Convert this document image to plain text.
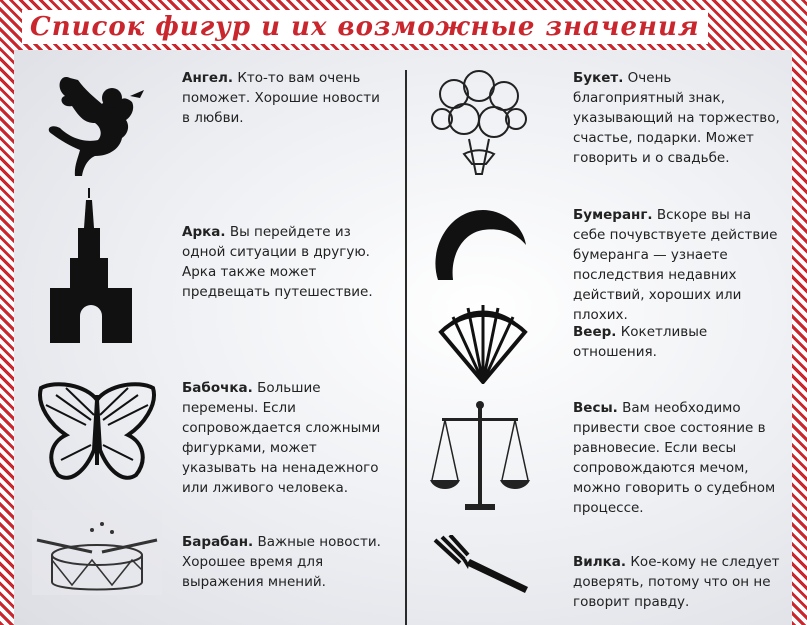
Список фигур и их возможные значения
Ангел. Кто-то вам очень поможет. Хорошие новости в любви.
Арка. Вы перейдете из одной ситуации в другую. Арка также может предвещать путешествие.
Бабочка. Большие перемены. Если сопровождается сложными фигурками, может указывать на ненадежного или лживого человека.
Барабан. Важные новости. Хорошее время для выражения мнений.
Букет. Очень благоприятный знак, указывающий на торжество, счастье, подарки. Может говорить и о свадьбе.
Бумеранг. Вскоре вы на себе почувствуете действие бумеранга — узнаете последствия недавних действий, хороших или плохих.
Веер. Кокетливые отношения.
Весы. Вам необходимо привести свое состояние в равновесие. Если весы сопровождаются мечом, можно говорить о судебном процессе.
Вилка. Кое-кому не следует доверять, потому что он не говорит правду.
